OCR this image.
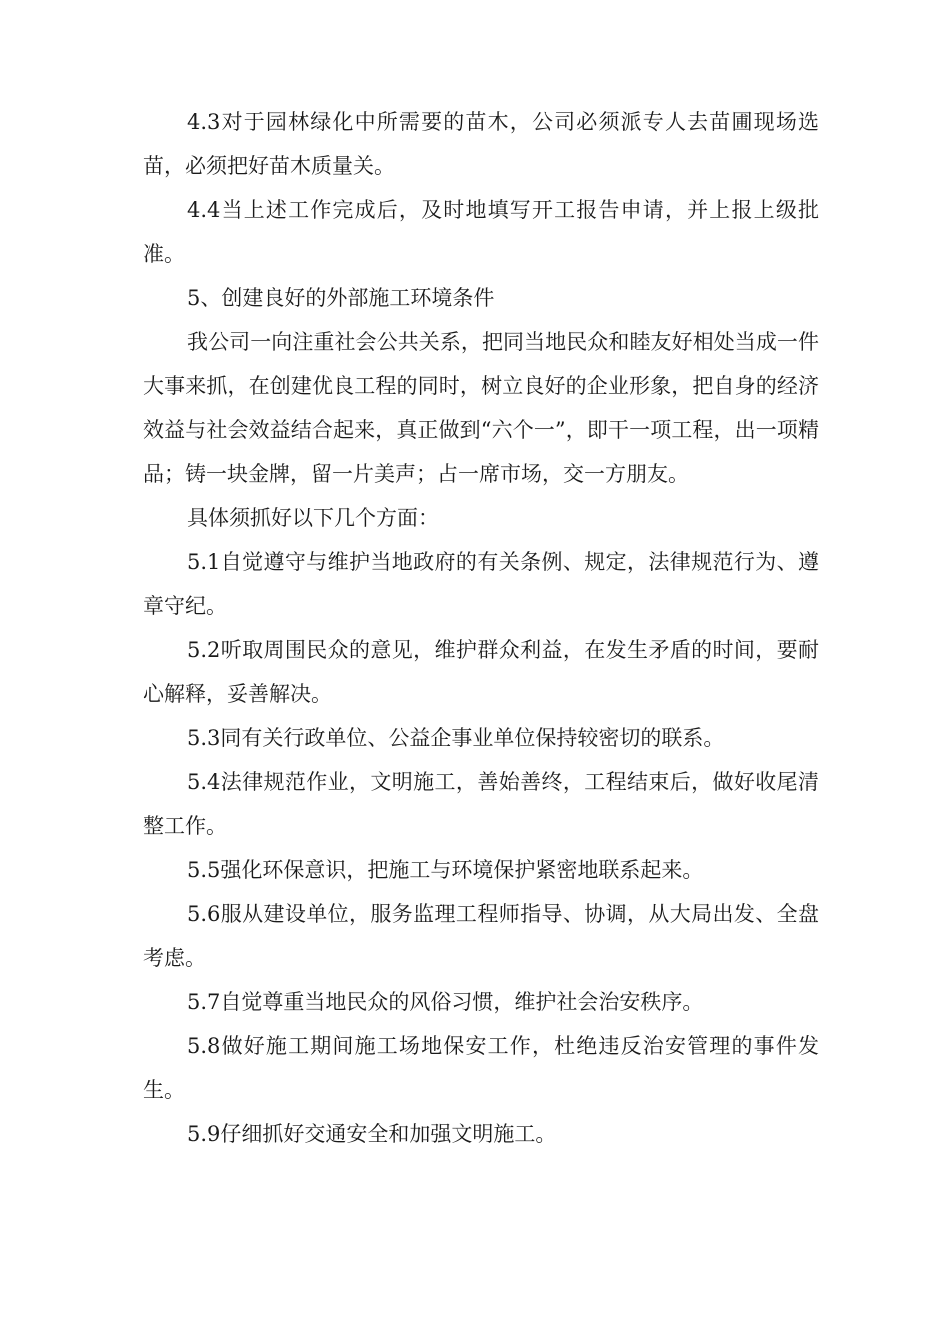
4.3对于园林绿化中所需要的苗木，公司必须派专人去苗圃现场选苗，必须把好苗木质量关。

4.4当上述工作完成后，及时地填写开工报告申请，并上报上级批准。

5、创建良好的外部施工环境条件

我公司一向注重社会公共关系，把同当地民众和睦友好相处当成一件大事来抓，在创建优良工程的同时，树立良好的企业形象，把自身的经济效益与社会效益结合起来，真正做到“六个一”，即干一项工程，出一项精品；铸一块金牌，留一片美声；占一席市场，交一方朋友。

具体须抓好以下几个方面：

5.1自觉遵守与维护当地政府的有关条例、规定，法律规范行为、遵章守纪。

5.2听取周围民众的意见，维护群众利益，在发生矛盾的时间，要耐心解释，妥善解决。

5.3同有关行政单位、公益企事业单位保持较密切的联系。

5.4法律规范作业，文明施工，善始善终，工程结束后，做好收尾清整工作。

5.5强化环保意识，把施工与环境保护紧密地联系起来。

5.6服从建设单位，服务监理工程师指导、协调，从大局出发、全盘考虑。

5.7自觉尊重当地民众的风俗习惯，维护社会治安秩序。

5.8做好施工期间施工场地保安工作，杜绝违反治安管理的事件发生。

5.9仔细抓好交通安全和加强文明施工。
